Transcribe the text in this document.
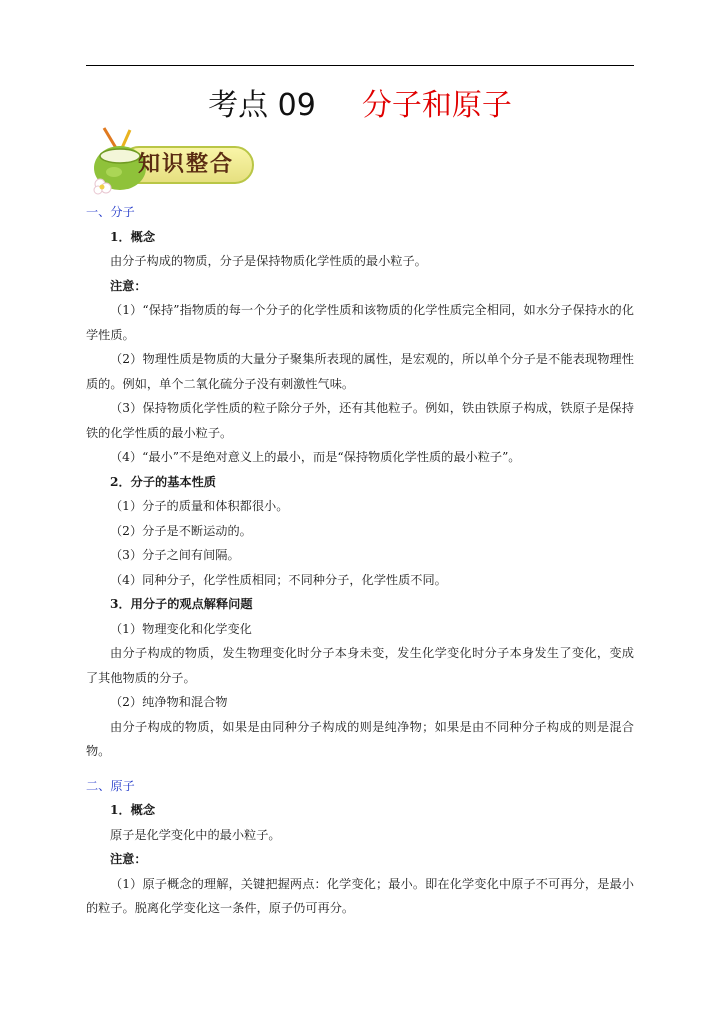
考点 09 分子和原子
知识整合

一、分子

1．概念

由分子构成的物质，分子是保持物质化学性质的最小粒子。

注意：

（1）“保持”指物质的每一个分子的化学性质和该物质的化学性质完全相同，如水分子保持水的化学性质。

（2）物理性质是物质的大量分子聚集所表现的属性，是宏观的，所以单个分子是不能表现物理性质的。例如，单个二氧化硫分子没有刺激性气味。

（3）保持物质化学性质的粒子除分子外，还有其他粒子。例如，铁由铁原子构成，铁原子是保持铁的化学性质的最小粒子。

（4）“最小”不是绝对意义上的最小，而是“保持物质化学性质的最小粒子”。

2．分子的基本性质

（1）分子的质量和体积都很小。

（2）分子是不断运动的。

（3）分子之间有间隔。

（4）同种分子，化学性质相同；不同种分子，化学性质不同。

3．用分子的观点解释问题

（1）物理变化和化学变化

由分子构成的物质，发生物理变化时分子本身未变，发生化学变化时分子本身发生了变化，变成了其他物质的分子。

（2）纯净物和混合物

由分子构成的物质，如果是由同种分子构成的则是纯净物；如果是由不同种分子构成的则是混合物。

二、原子

1．概念

原子是化学变化中的最小粒子。

注意：

（1）原子概念的理解，关键把握两点：化学变化；最小。即在化学变化中原子不可再分，是最小的粒子。脱离化学变化这一条件，原子仍可再分。
